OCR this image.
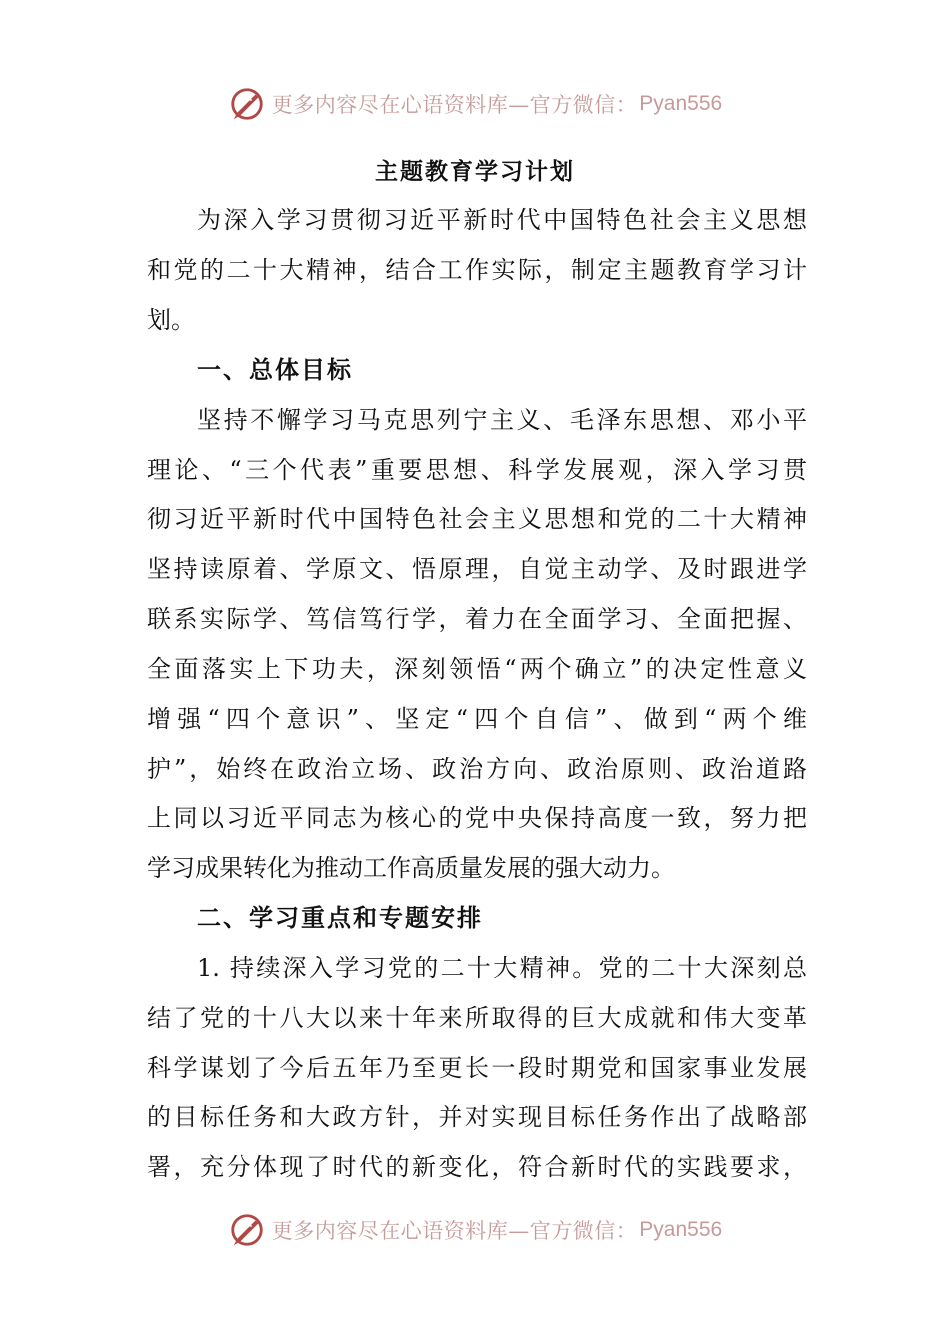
更多内容尽在心语资料库—官方微信： Pyan556
主题教育学习计划
为深入学习贯彻习近平新时代中国特色社会主义思想
和党的二十大精神，结合工作实际，制定主题教育学习计
划。
一、总体目标
坚持不懈学习马克思列宁主义、毛泽东思想、邓小平
理论、“三个代表”重要思想、科学发展观，深入学习贯
彻习近平新时代中国特色社会主义思想和党的二十大精神
坚持读原着、学原文、悟原理，自觉主动学、及时跟进学
联系实际学、笃信笃行学，着力在全面学习、全面把握、
全面落实上下功夫，深刻领悟“两个确立”的决定性意义
增强“四个意识”、坚定“四个自信”、做到“两个维
护”，始终在政治立场、政治方向、政治原则、政治道路
上同以习近平同志为核心的党中央保持高度一致，努力把
学习成果转化为推动工作高质量发展的强大动力。
二、学习重点和专题安排
1. 持续深入学习党的二十大精神。党的二十大深刻总
结了党的十八大以来十年来所取得的巨大成就和伟大变革
科学谋划了今后五年乃至更长一段时期党和国家事业发展
的目标任务和大政方针，并对实现目标任务作出了战略部
署，充分体现了时代的新变化，符合新时代的实践要求，
更多内容尽在心语资料库—官方微信： Pyan556
